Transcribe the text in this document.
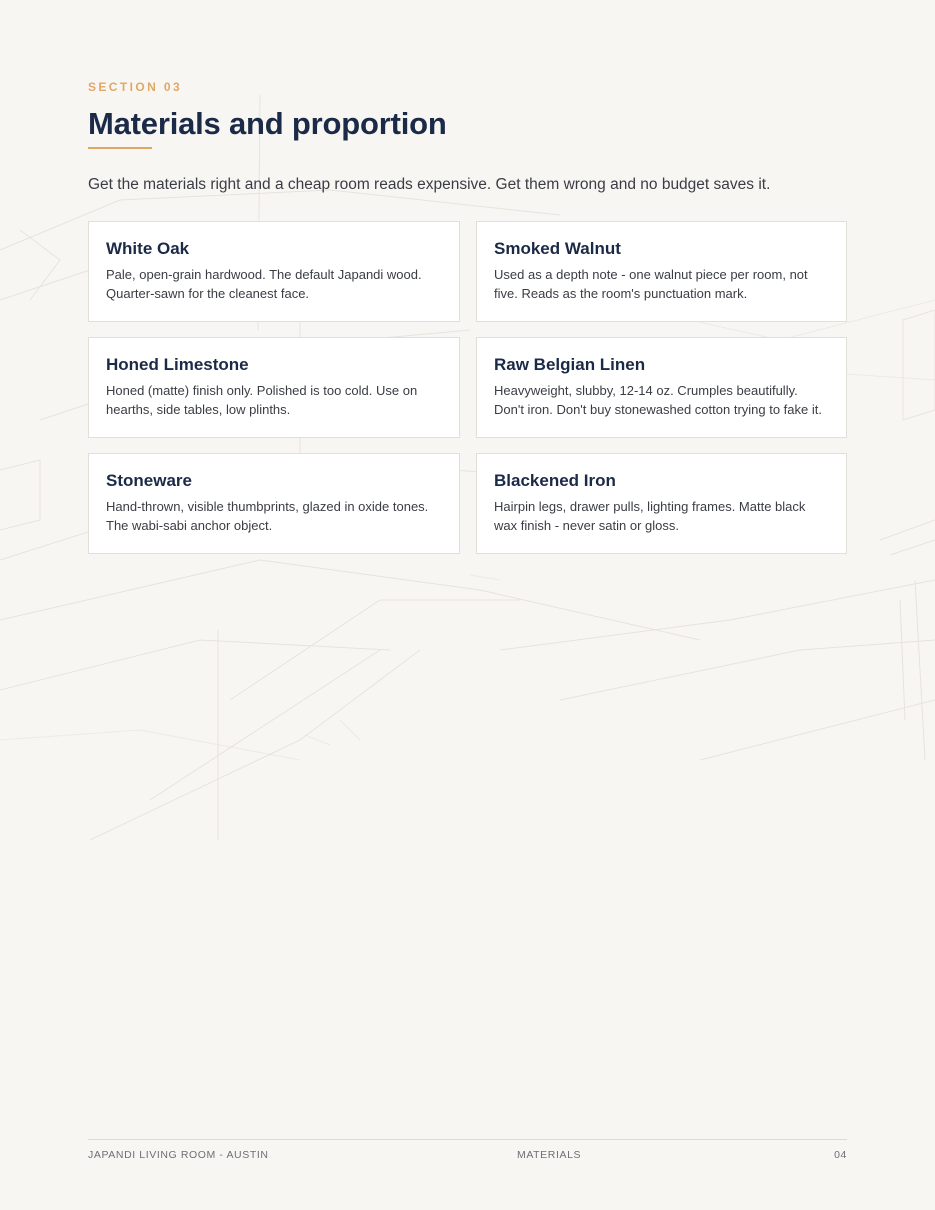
SECTION 03
Materials and proportion

Get the materials right and a cheap room reads expensive. Get them wrong and no budget saves it.

White Oak

Pale, open-grain hardwood. The default Japandi wood. Quarter-sawn for the cleanest face.

Smoked Walnut

Used as a depth note - one walnut piece per room, not five. Reads as the room's punctuation mark.

Honed Limestone

Honed (matte) finish only. Polished is too cold. Use on hearths, side tables, low plinths.

Raw Belgian Linen

Heavyweight, slubby, 12-14 oz. Crumples beautifully. Don't iron. Don't buy stonewashed cotton trying to fake it.

Stoneware

Hand-thrown, visible thumbprints, glazed in oxide tones. The wabi-sabi anchor object.

Blackened Iron

Hairpin legs, drawer pulls, lighting frames. Matte black wax finish - never satin or gloss.

JAPANDI LIVING ROOM - AUSTIN	MATERIALS	04
